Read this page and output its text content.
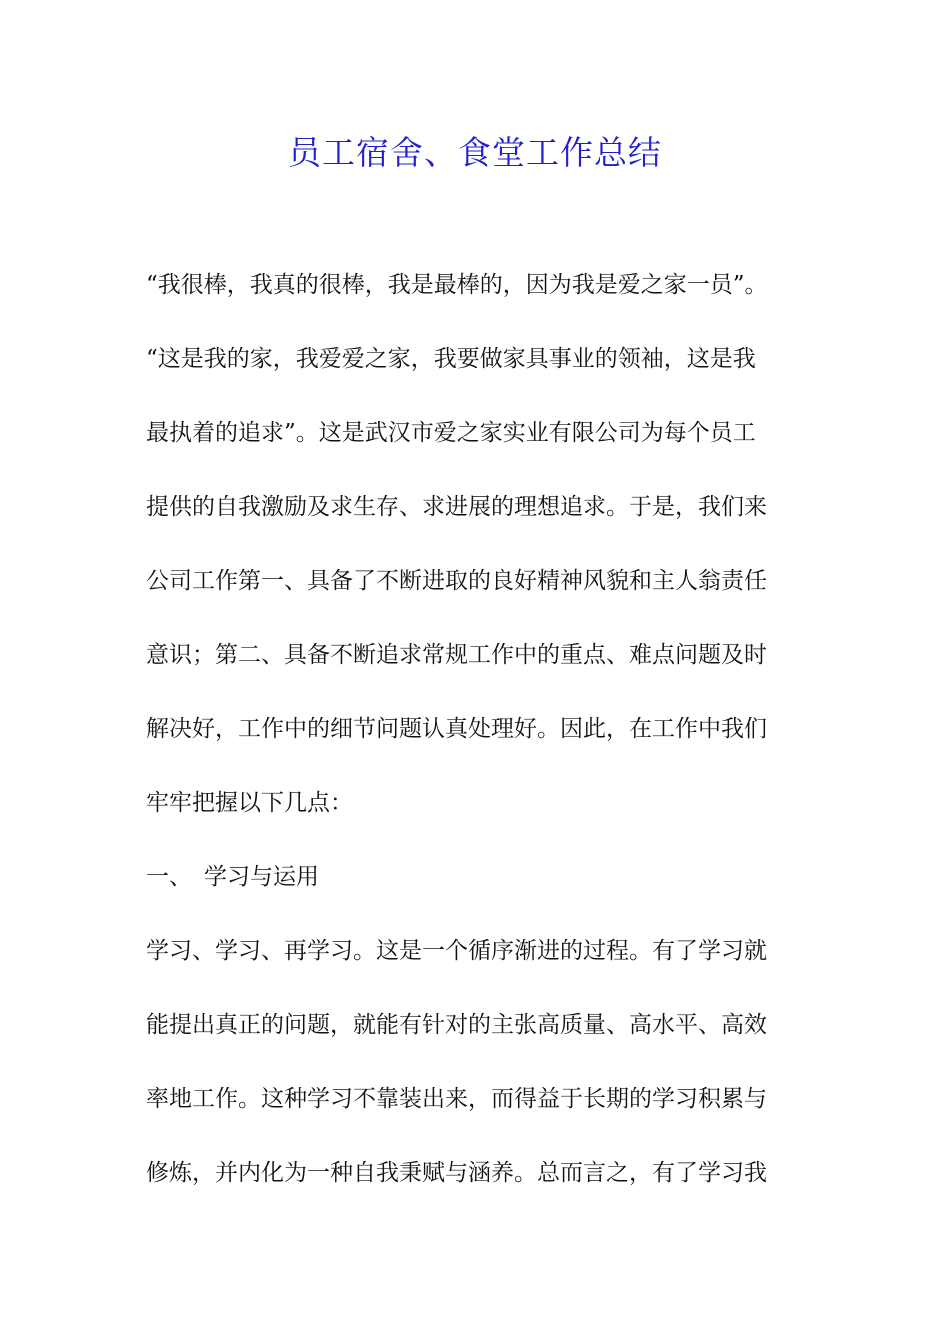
员工宿舍、食堂工作总结
“我很棒，我真的很棒，我是最棒的，因为我是爱之家一员”。
“这是我的家，我爱爱之家，我要做家具事业的领袖，这是我
最执着的追求”。这是武汉市爱之家实业有限公司为每个员工
提供的自我激励及求生存、求进展的理想追求。于是，我们来
公司工作第一、具备了不断进取的良好精神风貌和主人翁责任
意识；第二、具备不断追求常规工作中的重点、难点问题及时
解决好，工作中的细节问题认真处理好。因此，在工作中我们
牢牢把握以下几点：
一、 学习与运用
学习、学习、再学习。这是一个循序渐进的过程。有了学习就
能提出真正的问题，就能有针对的主张高质量、高水平、高效
率地工作。这种学习不靠装出来，而得益于长期的学习积累与
修炼，并内化为一种自我秉赋与涵养。总而言之，有了学习我
